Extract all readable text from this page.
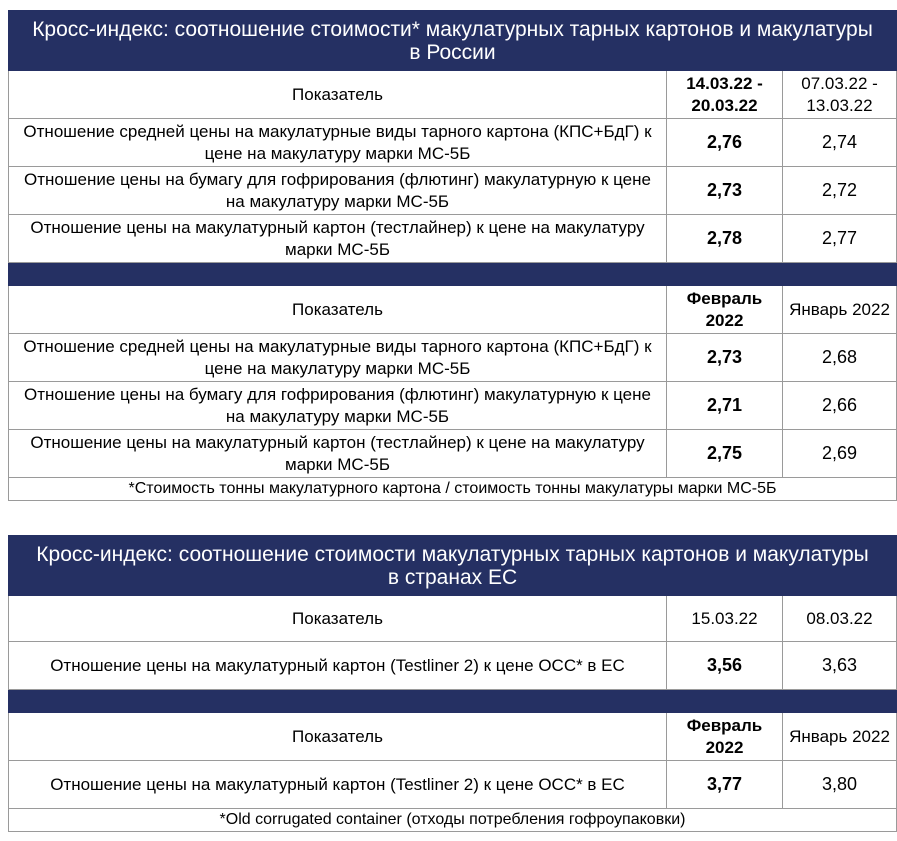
Кросс-индекс: соотношение стоимости* макулатурных тарных картонов и макулатуры в России		
Показатель	14.03.22 - 20.03.22	07.03.22 - 13.03.22
Отношение средней цены на макулатурные виды тарного картона (КПС+БдГ) к цене на макулатуру марки МС-5Б	2,76	2,74
Отношение цены на бумагу для гофрирования (флютинг) макулатурную к цене на макулатуру марки МС-5Б	2,73	2,72
Отношение цены на макулатурный картон (тестлайнер) к цене на макулатуру марки МС-5Б	2,78	2,77

Показатель	Февраль 2022	Январь 2022
Отношение средней цены на макулатурные виды тарного картона (КПС+БдГ) к цене на макулатуру марки МС-5Б	2,73	2,68
Отношение цены на бумагу для гофрирования (флютинг) макулатурную к цене на макулатуру марки МС-5Б	2,71	2,66
Отношение цены на макулатурный картон (тестлайнер) к цене на макулатуру марки МС-5Б	2,75	2,69
*Стоимость тонны макулатурного картона / стоимость тонны макулатуры марки МС-5Б		
Кросс-индекс: соотношение стоимости макулатурных тарных картонов и макулатуры в странах ЕС		
Показатель	15.03.22	08.03.22
Отношение цены на макулатурный картон (Testliner 2) к цене OCC* в ЕС	3,56	3,63

Показатель	Февраль 2022	Январь 2022
Отношение цены на макулатурный картон (Testliner 2) к цене OCC* в ЕС	3,77	3,80
*Old corrugated container (отходы потребления гофроупаковки)		
